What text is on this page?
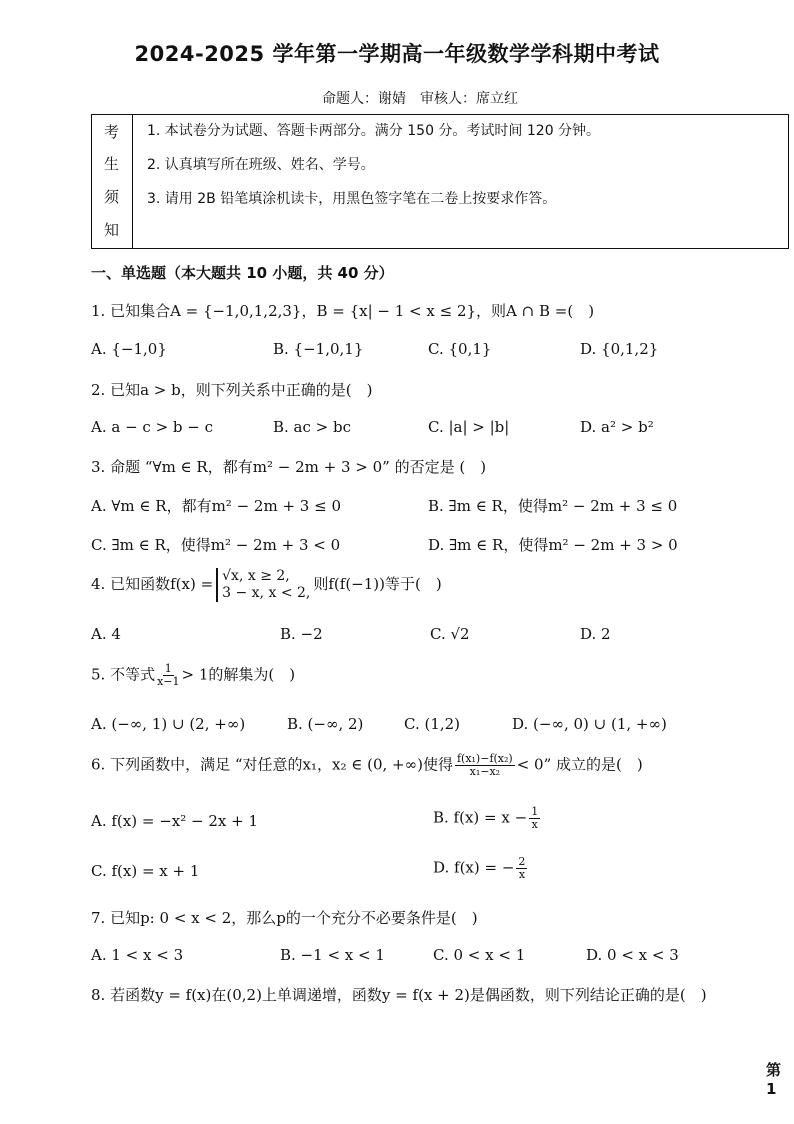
2024-2025 学年第一学期高一年级数学学科期中考试
命题人：谢婧　审核人：席立红
考
生
须
知
1. 本试卷分为试题、答题卡两部分。满分 150 分。考试时间 120 分钟。
2. 认真填写所在班级、姓名、学号。
3. 请用 2B 铅笔填涂机读卡，用黑色签字笔在二卷上按要求作答。
一、单选题（本大题共 10 小题，共 40 分）
1. 已知集合A = {−1,0,1,2,3}，B = {x| − 1 < x ≤ 2}，则A ∩ B =(　)
A. {−1,0}	B. {−1,0,1}	C. {0,1}	D. {0,1,2}
2. 已知a > b，则下列关系中正确的是(　)
A. a − c > b − c	B. ac > bc	C. |a| > |b|	D. a² > b²
3. 命题 “∀m ∈ R，都有m² − 2m + 3 > 0” 的否定是 (　)
A. ∀m ∈ R，都有m² − 2m + 3 ≤ 0	B. ∃m ∈ R，使得m² − 2m + 3 ≤ 0
C. ∃m ∈ R，使得m² − 2m + 3 < 0	D. ∃m ∈ R，使得m² − 2m + 3 > 0
4. 已知函数f(x) = √x, x ≥ 2,
3 − x, x < 2, 则f(f(−1))等于(　)
A. 4	B. −2	C. √2	D. 2
5. 不等式 $\frac{1}{x-1} > 1$的解集为(　)
A. (−∞, 1) ∪ (2, +∞)	B. (−∞, 2)	C. (1,2)	D. (−∞, 0) ∪ (1, +∞)
6. 下列函数中，满足 “对任意的x₁，x₂ ∈ (0, +∞)使得 $\frac{\text{f(x₁)−f(x₂)}}{\text{x₁−x₂}} < 0$” 成立的是(　)
A. f(x) = −x² − 2x + 1	B. $f(x) = x - \frac{1}{x}$
C. f(x) = x + 1	D. f(x) = − $\frac{2}{x}$
7. 已知p: 0 < x < 2，那么p的一个充分不必要条件是(　)
A. 1 < x < 3	B. −1 < x < 1	C. 0 < x < 1	D. 0 < x < 3
8. 若函数y = f(x)在(0,2)上单调递增，函数y = f(x + 2)是偶函数，则下列结论正确的是(　)
第 1
